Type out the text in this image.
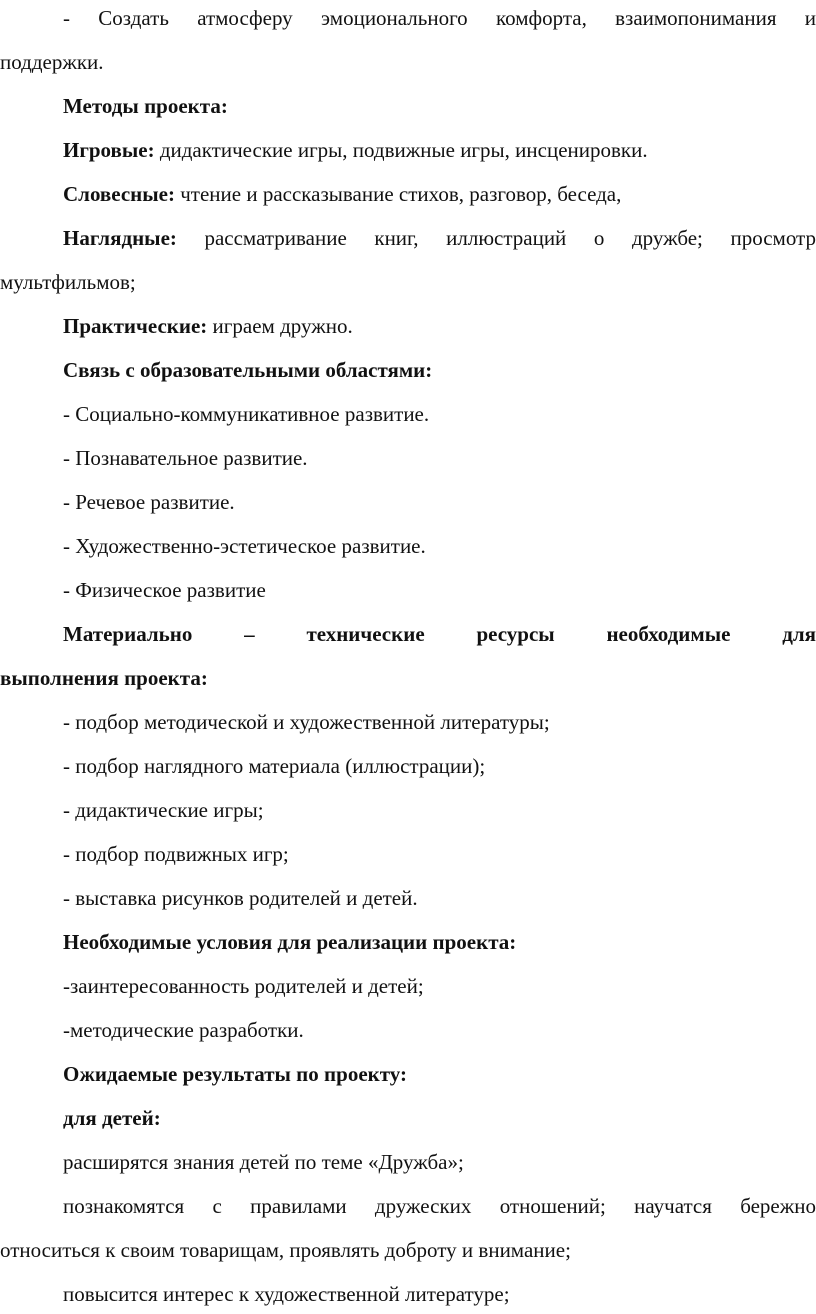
- Создать атмосферу эмоционального комфорта, взаимопонимания и
поддержки.
Методы проекта:
Игровые: дидактические игры, подвижные игры, инсценировки.
Словесные: чтение и рассказывание стихов, разговор, беседа,
Наглядные: рассматривание книг, иллюстраций о дружбе; просмотр
мультфильмов;
Практические: играем дружно.
Связь с образовательными областями:
- Социально-коммуникативное развитие.
- Познавательное развитие.
- Речевое развитие.
- Художественно-эстетическое развитие.
- Физическое развитие
Материально – технические ресурсы необходимые для
выполнения проекта:
- подбор методической и художественной литературы;
- подбор наглядного материала (иллюстрации);
- дидактические игры;
- подбор подвижных игр;
- выставка рисунков родителей и детей.
Необходимые условия для реализации проекта:
-заинтересованность родителей и детей;
-методические разработки.
Ожидаемые результаты по проекту:
для детей:
расширятся знания детей по теме «Дружба»;
познакомятся с правилами дружеских отношений; научатся бережно
относиться к своим товарищам, проявлять доброту и внимание;
повысится интерес к художественной литературе;
